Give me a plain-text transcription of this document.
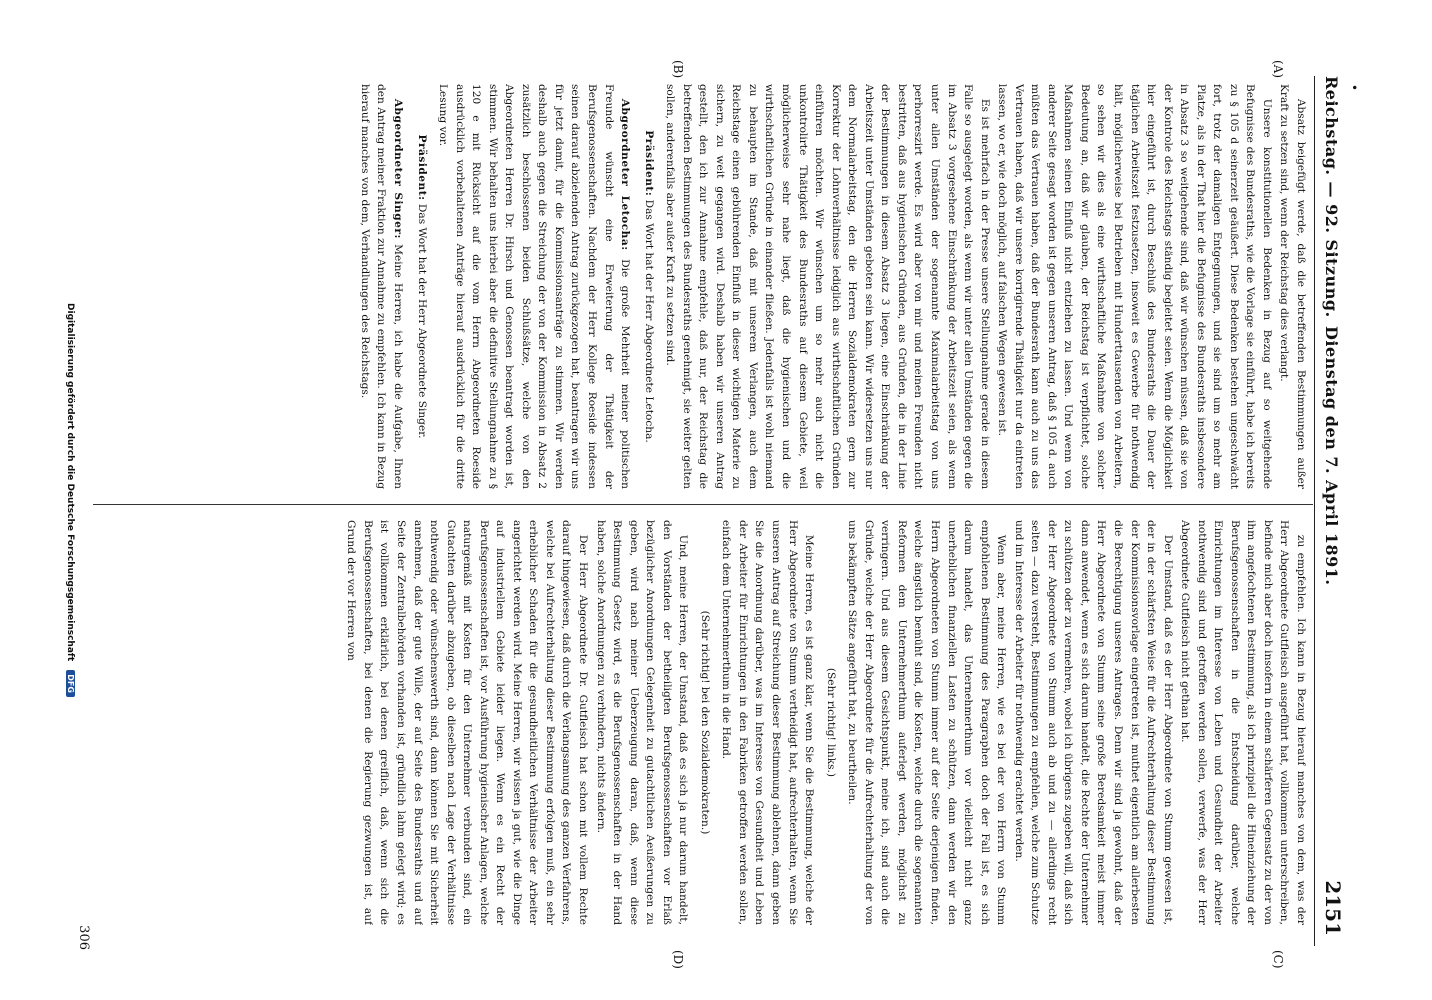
•
Reichstag. — 92. Sitzung.
Dienstag den 7. April 1891.
2151

Absatz beigefügt werde, daß die betreffenden Bestimmungen außer Kraft zu setzen sind, wenn der Reichstag dies verlangt.

Unsere konstitutionellen Bedenken in Bezug auf so weitgehende Befugnisse des Bundesraths, wie die Vorlage sie einführt, habe ich bereits zu § 105 d seinerzeit geäußert. Diese Bedenken bestehen ungeschwächt fort, trotz der damaligen Entgegnungen, und sie sind um so mehr am Platze, als in der That hier die Befugnisse des Bundesraths insbesondere in Absatz 3 so weitgehende sind, daß wir wünschen müssen, daß sie von der Kontrole des Reichstags ständig begleitet seien. Wenn die Möglichkeit hier eingeführt ist, durch Beschluß des Bundesraths die Dauer der täglichen Arbeitszeit festzusetzen, insoweit es Gewerbe für nothwendig hält, möglicherweise bei Betrieben mit Hunderttausenden von Arbeitern, so sehen wir dies als eine wirthschaftliche Maßnahme von solcher Bedeutung an, daß wir glauben, der Reichstag ist verpflichtet, solche Maßnahmen seinen Einfluß nicht entziehen zu lassen. Und wenn von anderer Seite gesagt worden ist gegen unseren Antrag, daß § 105 d. auch müßten das Vertrauen haben, daß der Bundesrath kann auch zu uns das Vertrauen haben, daß wir unsere korrigirende Thätigkeit nur da eintreten lassen, wo er, wie doch möglich, auf falschen Wegen gewesen ist.

Es ist mehrfach in der Presse unsere Stellungnahme gerade in diesem Falle so ausgelegt worden, als wenn wir unter allen Umständen gegen die im Absatz 3 vorgesehene Einschränkung der Arbeitszeit seien, als wenn unter allen Umständen der sogenannte Maximalarbeitstag von uns perhorreszirt werde. Es wird aber von mir und meinen Freunden nicht bestritten, daß aus hygienischen Gründen, aus Gründen, die in der Linie der Bestimmungen in diesem Absatz 3 liegen, eine Einschränkung der Arbeitszeit unter Umständen geboten sein kann. Wir widersetzen uns nur dem Normalarbeitstag, den die Herren Sozialdemokraten gern zur Korrektur der Lohnverhältnisse lediglich aus wirthschaftlichen Gründen einführen möchten. Wir wünschen um so mehr auch nicht die unkontrolirte Thätigkeit des Bundesraths auf diesem Gebiete, weil möglicherweise sehr nahe liegt, daß die hygienischen und die wirthschaftlichen Gründe in einander fließen. Jedenfalls ist wohl niemand zu behaupten im Stande, daß mit unserem Verlangen, auch dem Reichstage einen gebührenden Einfluß in dieser wichtigen Materie zu sichern, zu weit gegangen wird. Deshalb haben wir unseren Antrag gestellt, den ich zur Annahme empfehle, daß nur, der Reichstag die betreffenden Bestimmungen des Bundesraths genehmigt, sie weiter gelten sollen, anderenfalls aber außer Kraft zu setzen sind.

Präsident: Das Wort hat der Herr Abgeordnete Letocha.

Abgeordneter Letocha: Die große Mehrheit meiner politischen Freunde wünscht eine Erweiterung der Thätigkeit der Berufsgenossenschaften. Nachdem der Herr Kollege Roeside indessen seinen darauf abzielenden Antrag zurückgezogen hat, beantragen wir uns für jetzt damit, für die Kommissionsanträge zu stimmen. Wir werden deshalb auch gegen die Streichung der von der Kommission in Absatz 2 zusätzlich beschlossenen beiden Schlußsätze, welche von den Abgeordneten Herren Dr. Hirsch und Genossen beantragt worden ist, stimmen. Wir behalten uns hierbei aber die definitive Stellungnahme zu § 120 e mit Rücksicht auf die vom Herrn Abgeordneten Roeside ausdrücklich vorbehaltenen Anträge hierauf ausdrücklich für die dritte Lesung vor.

Präsident: Das Wort hat der Herr Abgeordnete Singer.

Abgeordneter Singer: Meine Herren, ich habe die Aufgabe, Ihnen den Antrag meiner Fraktion zur Annahme zu empfehlen. Ich kann in Bezug hierauf manches von dem, Verhandlungen des Reichstags.

zu empfehlen. Ich kann in Bezug hierauf manches von dem, was der Herr Abgeordnete Gutfleisch ausgeführt hat, vollkommen unterschreiben, befinde mich aber doch insofern in einem schärferen Gegensatz zu der von ihm angefochtenen Bestimmung, als ich prinzipiell die Hineinziehung der Berufsgenossenschaften in die Entscheidung darüber, welche Einrichtungen im Interesse von Leben und Gesundheit der Arbeiter nothwendig sind und getroffen werden sollen, verwerfe, was der Herr Abgeordnete Gutfleisch nicht gethan hat.

Der Umstand, daß es der Herr Abgeordnete von Stumm gewesen ist, der in der schärfsten Weise für die Aufrechterhaltung dieser Bestimmung der Kommissionsvorlage eingetreten ist, muthet eigentlich am allerbesten die Berechtigung unseres Antrages. Denn wir sind ja gewohnt, daß der Herr Abgeordnete von Stumm seine große Beredsamkeit meist immer dann anwendet, wenn es sich darum handelt, die Rechte der Unternehmer zu schützen oder zu vermehren, wobei ich übrigens zugeben will, daß sich der Herr Abgeordnete von Stumm auch ab und zu — allerdings recht selten — dazu versteht, Bestimmungen zu empfehlen, welche zum Schutze und im Interesse der Arbeiter für nothwendig erachtet werden.

Wenn aber, meine Herren, wie es bei der von Herrn von Stumm empfohlenen Bestimmung des Paragraphen doch der Fall ist, es sich darum handelt, das Unternehmerthum vor vielleicht nicht ganz unerheblichen finanziellen Lasten zu schützen, dann werden wir den Herrn Abgeordneten von Stumm immer auf der Seite derjenigen finden, welche ängstlich bemüht sind, die Kosten, welche durch die sogenannten Reformen dem Unternehmerthum auferlegt werden, möglichst zu verringern. Und aus diesem Gesichtspunkt, meine ich, sind auch die Gründe, welche der Herr Abgeordnete für die Aufrechterhaltung der von uns bekämpften Sätze angeführt hat, zu beurtheilen.

(Sehr richtig! links.)

Meine Herren, es ist ganz klar, wenn Sie die Bestimmung, welche der Herr Abgeordnete von Stumm vertheidigt hat, aufrechterhalten, wenn Sie unseren Antrag auf Streichung dieser Bestimmung ablehnen, dann geben Sie die Anordnung darüber, was im Interesse von Gesundheit und Leben der Arbeiter für Einrichtungen in den Fabriken getroffen werden sollen, einfach dem Unternehmerthum in die Hand.

(Sehr richtig! bei den Sozialdemokraten.)

Und, meine Herren, der Umstand, daß es sich ja nur darum handelt, den Vorständen der betheiligten Berufsgenossenschaften vor Erlaß bezüglicher Anordnungen Gelegenheit zu gutachtlichen Aeußerungen zu geben, wird nach meiner Ueberzeugung daran, daß, wenn diese Bestimmung Gesetz wird, es die Berufsgenossenschaften in der Hand haben, solche Anordnungen zu verhindern, nichts ändern.

Der Herr Abgeordnete Dr. Gutfleisch hat schon mit vollem Rechte darauf hingewiesen, daß durch die Verlangsamung des ganzen Verfahrens, welche bei Aufrechterhaltung dieser Bestimmung erfolgen muß, ein sehr erheblicher Schaden für die gesundheitlichen Verhältnisse der Arbeiter angerichtet werden wird. Meine Herren, wir wissen ja gut, wie die Dinge auf industriellem Gebiete leider liegen. Wenn es ein Recht der Berufsgenossenschaften ist, vor Ausführung hygienischer Anlagen, welche naturgemäß mit Kosten für den Unternehmer verbunden sind, ein Gutachten darüber abzugeben, ob dieselben nach Lage der Verhältnisse nothwendig oder wünschenswerth sind, dann können Sie mit Sicherheit annehmen, daß der gute Wille, der auf Seite des Bundesraths und auf Seite der Zentralbehörden vorhanden ist, gründlich lahm gelegt wird; es ist vollkommen erklärlich, bei denen greiflich, daß, wenn sich die Berufsgenossenschaften, bei denen die Regierung gezwungen ist, auf Grund der vor Herren von

(A)
(B)
(C)
(D)
306
Digitalisierung gefördert durch die Deutsche Forschungsgemeinschaft DFG
